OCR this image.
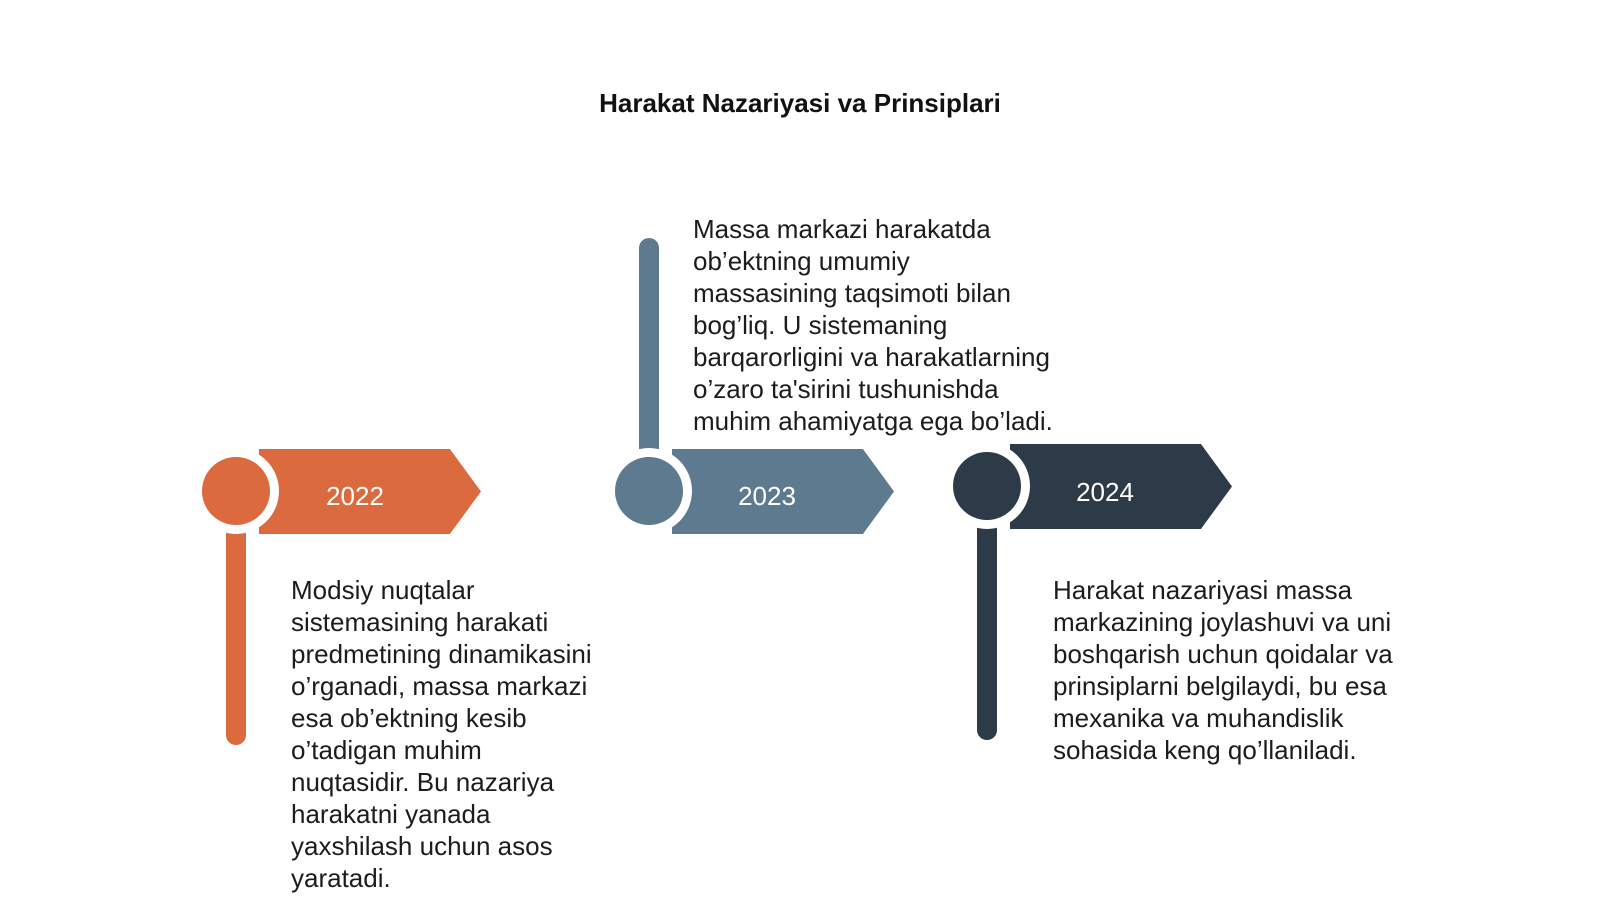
Harakat Nazariyasi va Prinsiplari
2022
Modsiy nuqtalar sistemasining harakati predmetining dinamikasini o’rganadi, massa markazi esa ob’ektning kesib o’tadigan muhim nuqtasidir. Bu nazariya harakatni yanada yaxshilash uchun asos yaratadi.
2023
Massa markazi harakatda ob’ektning umumiy massasining taqsimoti bilan bog’liq. U sistemaning barqarorligini va harakatlarning o’zaro ta'sirini tushunishda muhim ahamiyatga ega bo’ladi.
2024
Harakat nazariyasi massa markazining joylashuvi va uni boshqarish uchun qoidalar va prinsiplarni belgilaydi, bu esa mexanika va muhandislik sohasida keng qo’llaniladi.
